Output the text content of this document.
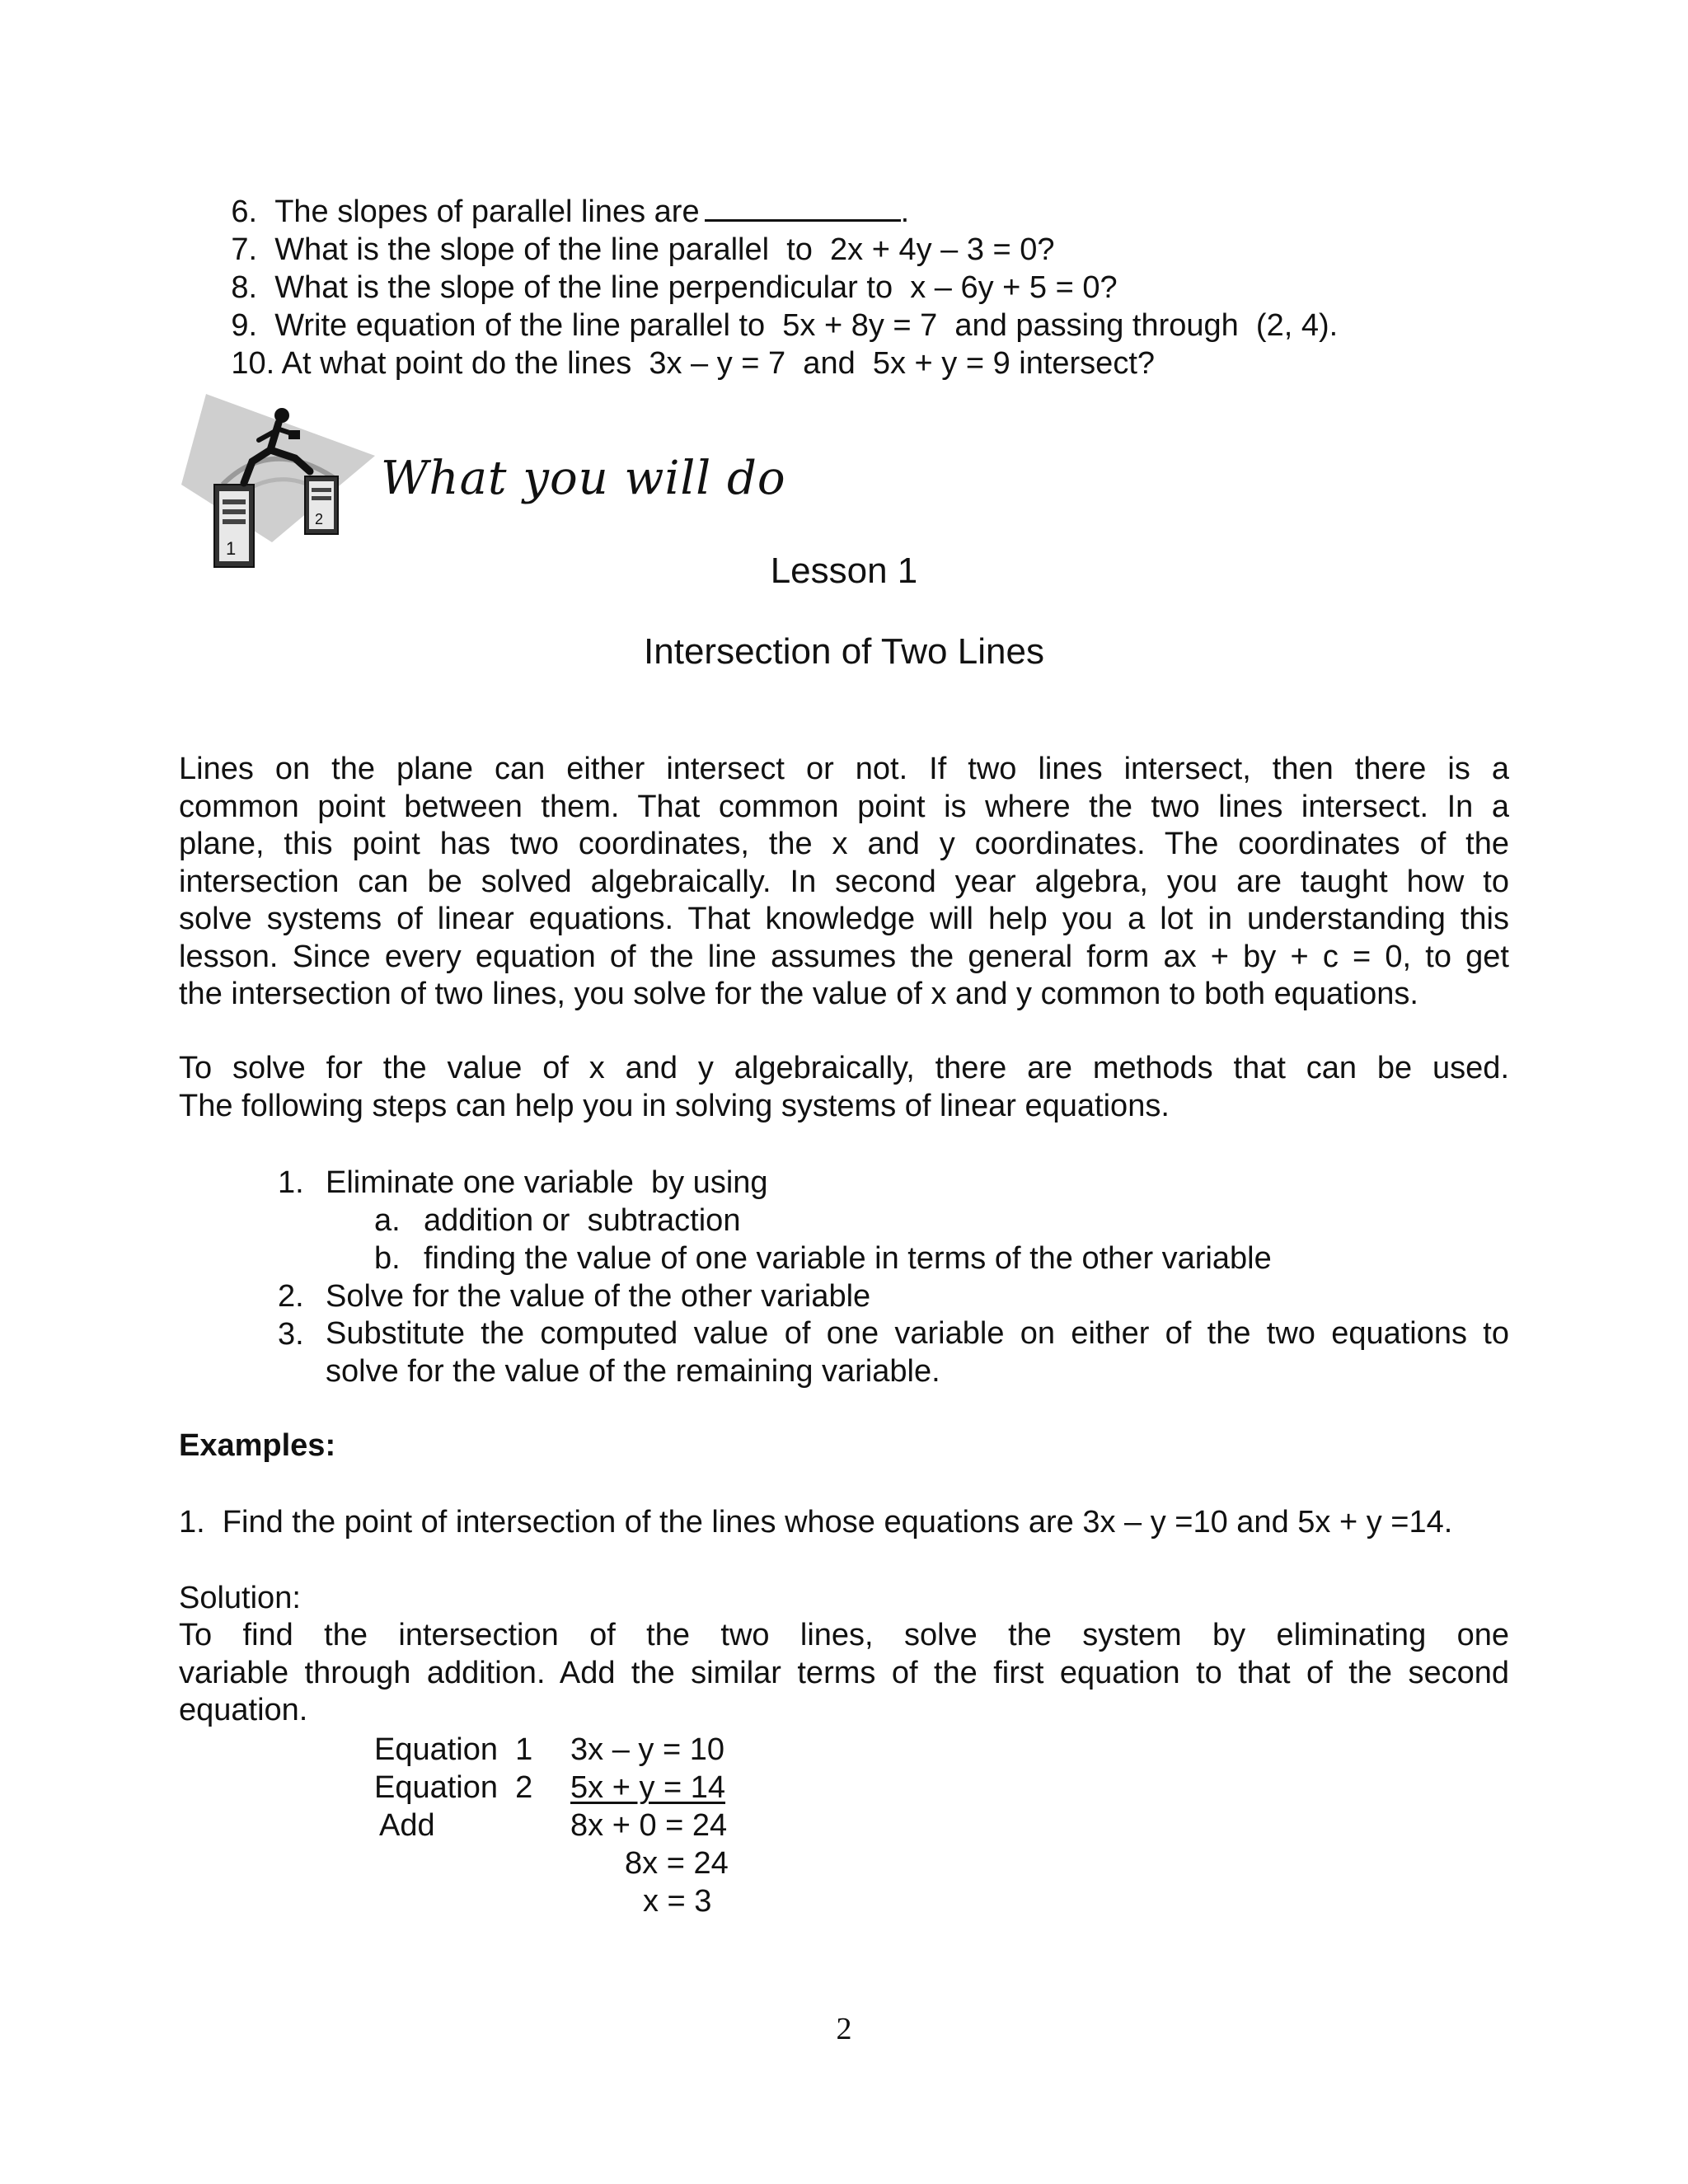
6. The slopes of parallel lines are	.

7. What is the slope of the line parallel  to  2x + 4y – 3 = 0?

8. What is the slope of the line perpendicular to  x – 6y + 5 = 0?

9. Write equation of the line parallel to  5x + 8y = 7  and passing through  (2, 4).

10. At what point do the lines  3x – y = 7  and  5x + y = 9 intersect?

1
2
What you will do
Lesson 1
Intersection of Two Lines
Lines on the plane can either intersect or not. If two lines intersect, then there is a
common point between them. That common point is where the two lines intersect. In a
plane, this point has two coordinates, the x and y coordinates. The coordinates of the
intersection can be solved algebraically. In second year algebra, you are taught how to
solve systems of linear equations. That knowledge will help you a lot in understanding this
lesson. Since every equation of the line assumes the general form ax + by + c = 0, to get
the intersection of two lines, you solve for the value of x and y common to both equations.
To solve for the value of x and y algebraically, there are methods that can be used.
The following steps can help you in solving systems of linear equations.
1. Eliminate one variable  by using
a. addition or  subtraction
b. finding the value of one variable in terms of the other variable
2. Solve for the value of the other variable
3. Substitute the computed value of one variable on either of the two equations to
solve for the value of the remaining variable.
Examples:
1.  Find the point of intersection of the lines whose equations are 3x – y =10 and 5x + y =14.
Solution:
To find the intersection of the two lines, solve the system by eliminating one
variable through addition. Add the similar terms of the first equation to that of the second
equation.
Equation  1 3x – y = 10
Equation  2 5x + y = 14
Add	8x + 0 = 24
8x = 24
x = 3
2
